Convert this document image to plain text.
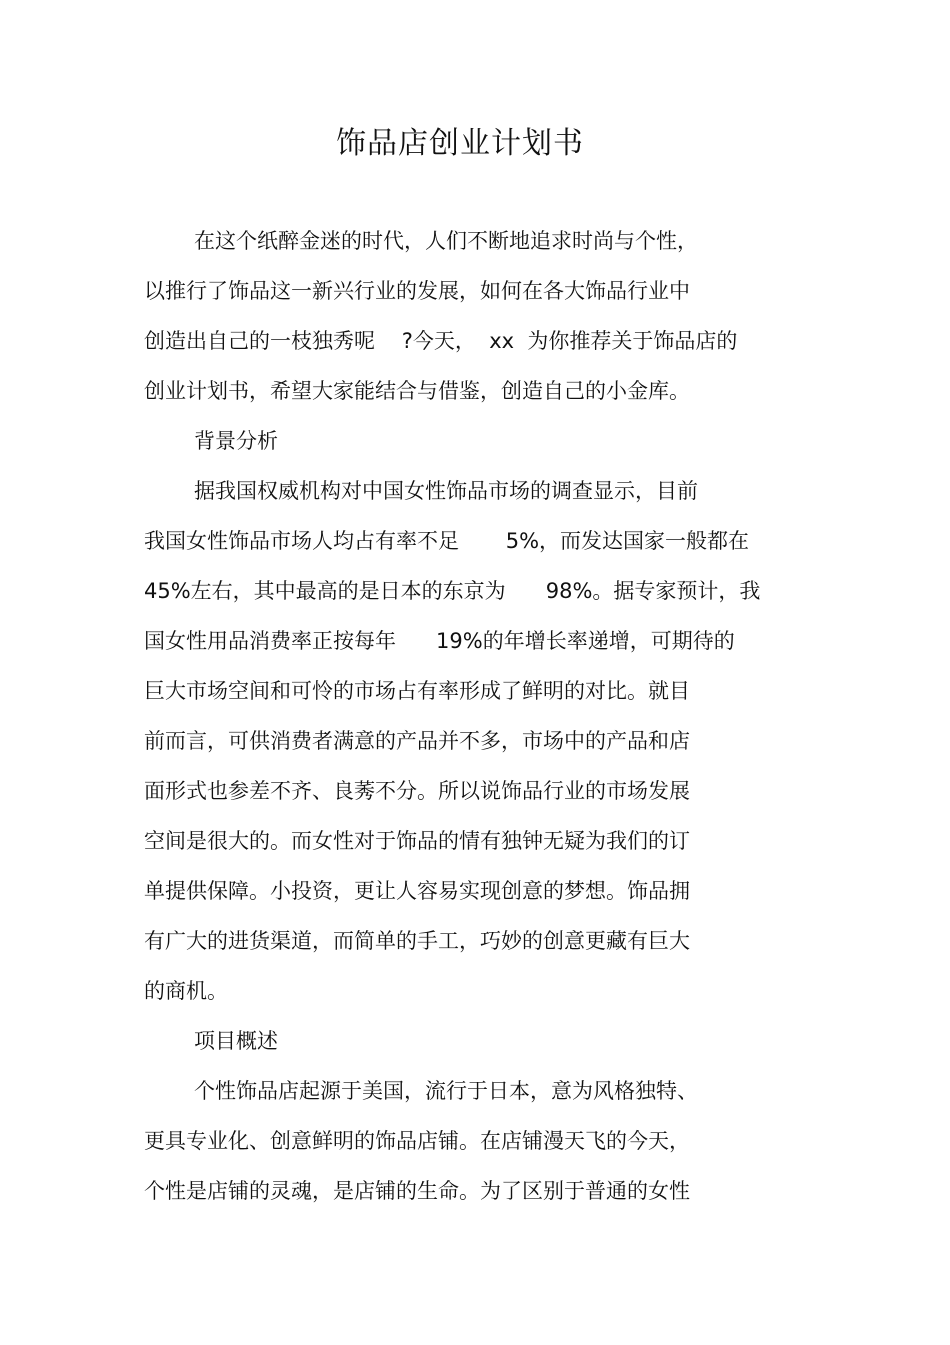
饰品店创业计划书

在这个纸醉金迷的时代，人们不断地追求时尚与个性，

以推行了饰品这一新兴行业的发展，如何在各大饰品行业中

创造出自己的一枝独秀呢    ?今天，  xx  为你推荐关于饰品店的

创业计划书，希望大家能结合与借鉴，创造自己的小金库。

背景分析

据我国权威机构对中国女性饰品市场的调查显示，目前

我国女性饰品市场人均占有率不足       5%，而发达国家一般都在

45%左右，其中最高的是日本的东京为      98%。据专家预计，我

国女性用品消费率正按每年      19%的年增长率递增，可期待的

巨大市场空间和可怜的市场占有率形成了鲜明的对比。就目

前而言，可供消费者满意的产品并不多，市场中的产品和店

面形式也参差不齐、良莠不分。所以说饰品行业的市场发展

空间是很大的。而女性对于饰品的情有独钟无疑为我们的订

单提供保障。小投资，更让人容易实现创意的梦想。饰品拥

有广大的进货渠道，而简单的手工，巧妙的创意更藏有巨大

的商机。

项目概述

个性饰品店起源于美国，流行于日本，意为风格独特、

更具专业化、创意鲜明的饰品店铺。在店铺漫天飞的今天，

个性是店铺的灵魂，是店铺的生命。为了区别于普通的女性
